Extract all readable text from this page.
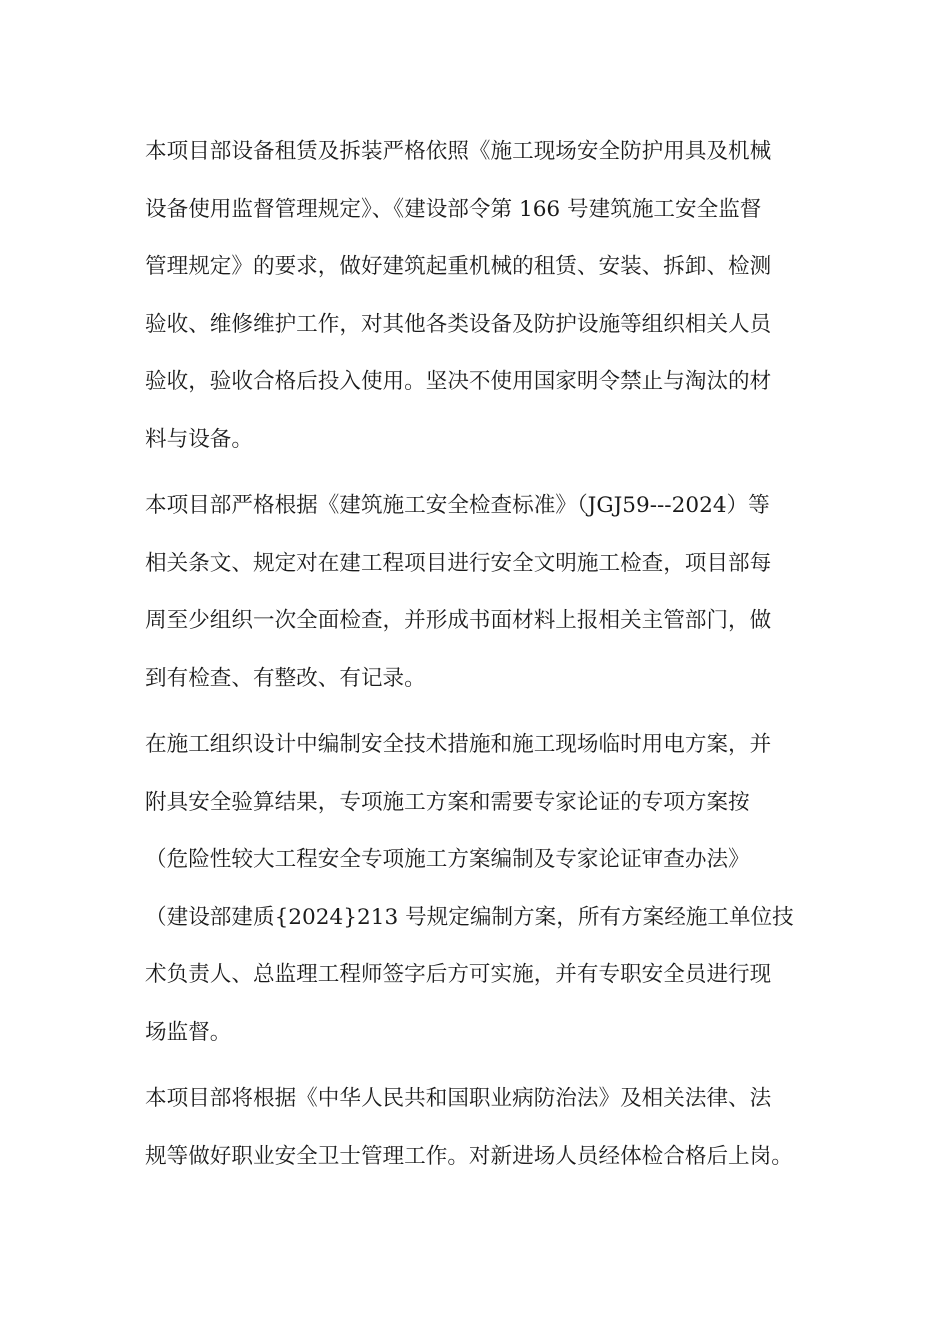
本项目部设备租赁及拆装严格依照《施工现场安全防护用具及机械
设备使用监督管理规定》、《建设部令第 166 号建筑施工安全监督
管理规定》的要求，做好建筑起重机械的租赁、安装、拆卸、检测
验收、维修维护工作，对其他各类设备及防护设施等组织相关人员
验收，验收合格后投入使用。坚决不使用国家明令禁止与淘汰的材
料与设备。
本项目部严格根据《建筑施工安全检查标准》（JGJ59---2024）等
相关条文、规定对在建工程项目进行安全文明施工检查，项目部每
周至少组织一次全面检查，并形成书面材料上报相关主管部门，做
到有检查、有整改、有记录。
在施工组织设计中编制安全技术措施和施工现场临时用电方案，并
附具安全验算结果，专项施工方案和需要专家论证的专项方案按
（危险性较大工程安全专项施工方案编制及专家论证审查办法》
（建设部建质{2024}213 号规定编制方案，所有方案经施工单位技
术负责人、总监理工程师签字后方可实施，并有专职安全员进行现
场监督。
本项目部将根据《中华人民共和国职业病防治法》及相关法律、法
规等做好职业安全卫士管理工作。对新进场人员经体检合格后上岗。
